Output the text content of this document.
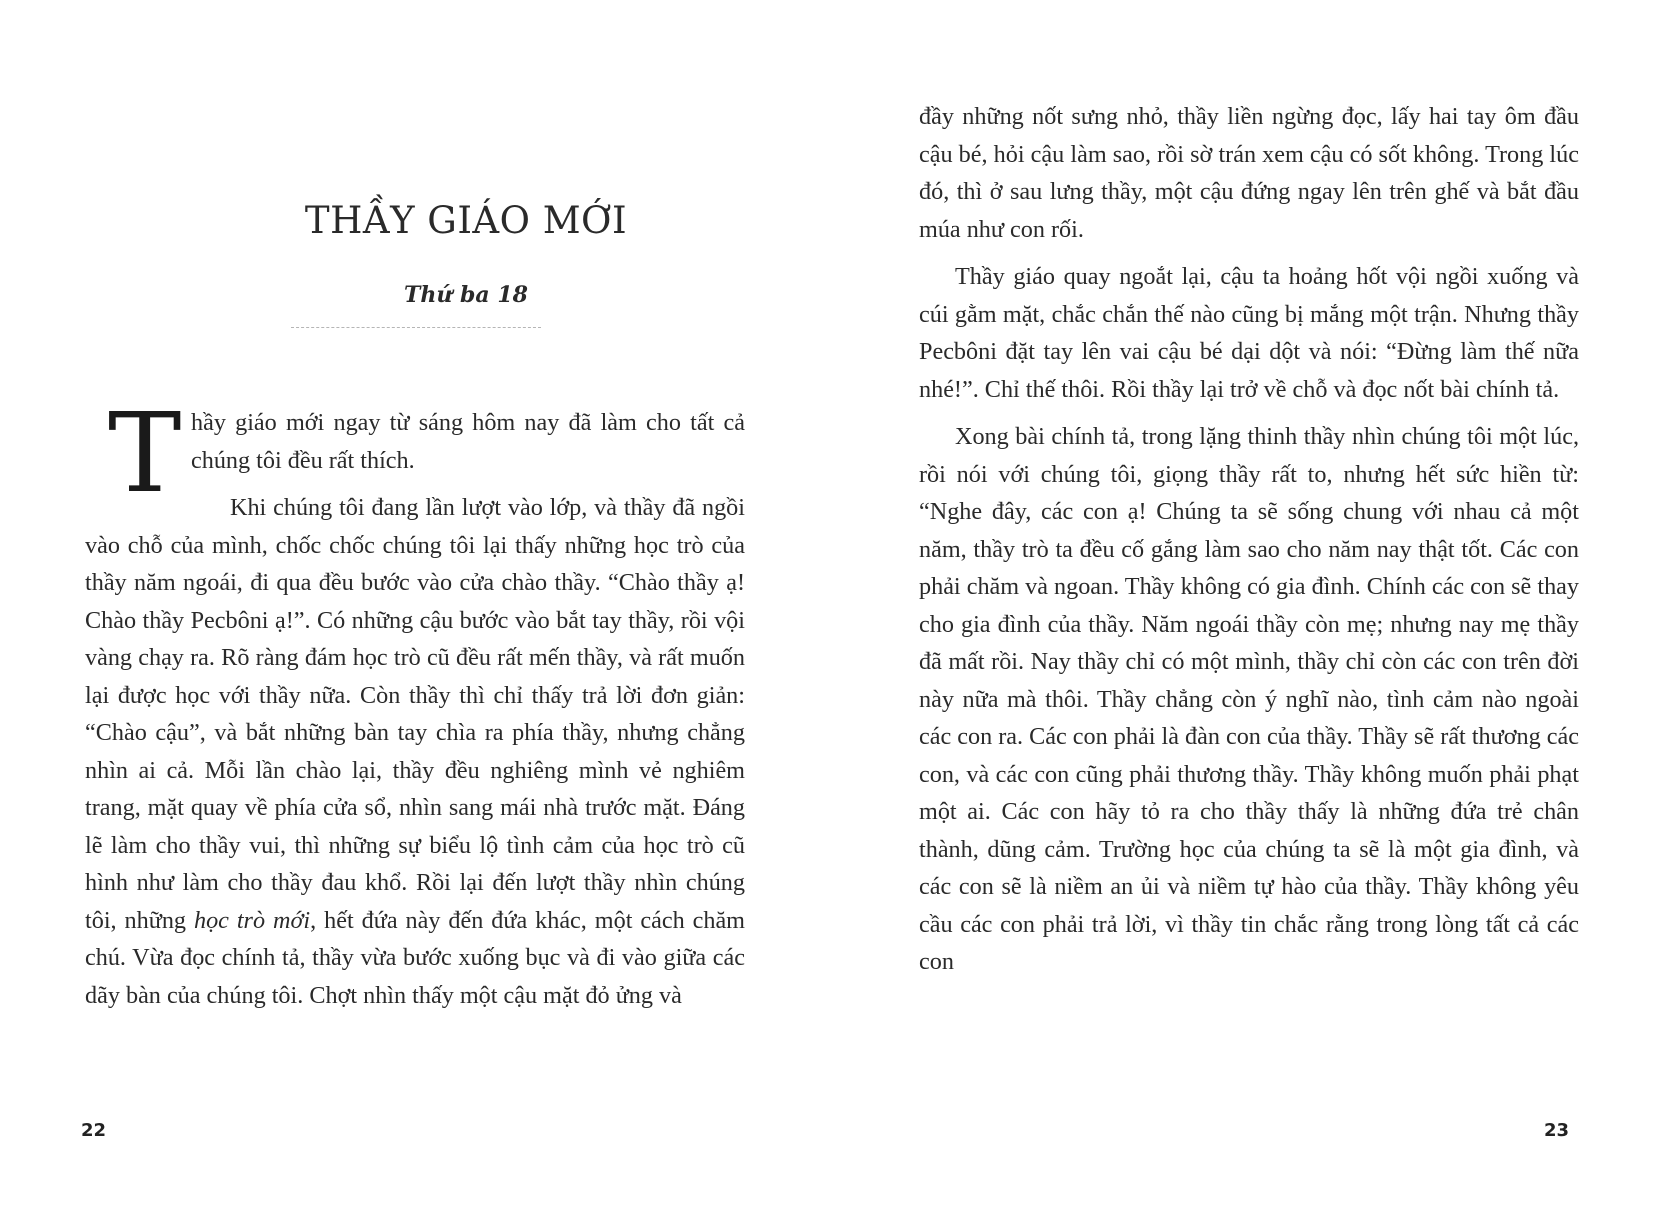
THẦY GIÁO MỚI
Thứ ba 18
T hầy giáo mới ngay từ sáng hôm nay đã làm cho tất cả chúng tôi đều rất thích.

Khi chúng tôi đang lần lượt vào lớp, và thầy đã ngồi vào chỗ của mình, chốc chốc chúng tôi lại thấy những học trò của thầy năm ngoái, đi qua đều bước vào cửa chào thầy. “Chào thầy ạ! Chào thầy Pecbôni ạ!”. Có những cậu bước vào bắt tay thầy, rồi vội vàng chạy ra. Rõ ràng đám học trò cũ đều rất mến thầy, và rất muốn lại được học với thầy nữa. Còn thầy thì chỉ thấy trả lời đơn giản: “Chào cậu”, và bắt những bàn tay chìa ra phía thầy, nhưng chẳng nhìn ai cả. Mỗi lần chào lại, thầy đều nghiêng mình vẻ nghiêm trang, mặt quay về phía cửa sổ, nhìn sang mái nhà trước mặt. Đáng lẽ làm cho thầy vui, thì những sự biểu lộ tình cảm của học trò cũ hình như làm cho thầy đau khổ. Rồi lại đến lượt thầy nhìn chúng tôi, những học trò mới, hết đứa này đến đứa khác, một cách chăm chú. Vừa đọc chính tả, thầy vừa bước xuống bục và đi vào giữa các dãy bàn của chúng tôi. Chợt nhìn thấy một cậu mặt đỏ ửng và

22

đầy những nốt sưng nhỏ, thầy liền ngừng đọc, lấy hai tay ôm đầu cậu bé, hỏi cậu làm sao, rồi sờ trán xem cậu có sốt không. Trong lúc đó, thì ở sau lưng thầy, một cậu đứng ngay lên trên ghế và bắt đầu múa như con rối.

Thầy giáo quay ngoắt lại, cậu ta hoảng hốt vội ngồi xuống và cúi gằm mặt, chắc chắn thế nào cũng bị mắng một trận. Nhưng thầy Pecbôni đặt tay lên vai cậu bé dại dột và nói: “Đừng làm thế nữa nhé!”. Chỉ thế thôi. Rồi thầy lại trở về chỗ và đọc nốt bài chính tả.

Xong bài chính tả, trong lặng thinh thầy nhìn chúng tôi một lúc, rồi nói với chúng tôi, giọng thầy rất to, nhưng hết sức hiền từ: “Nghe đây, các con ạ! Chúng ta sẽ sống chung với nhau cả một năm, thầy trò ta đều cố gắng làm sao cho năm nay thật tốt. Các con phải chăm và ngoan. Thầy không có gia đình. Chính các con sẽ thay cho gia đình của thầy. Năm ngoái thầy còn mẹ; nhưng nay mẹ thầy đã mất rồi. Nay thầy chỉ có một mình, thầy chỉ còn các con trên đời này nữa mà thôi. Thầy chẳng còn ý nghĩ nào, tình cảm nào ngoài các con ra. Các con phải là đàn con của thầy. Thầy sẽ rất thương các con, và các con cũng phải thương thầy. Thầy không muốn phải phạt một ai. Các con hãy tỏ ra cho thầy thấy là những đứa trẻ chân thành, dũng cảm. Trường học của chúng ta sẽ là một gia đình, và các con sẽ là niềm an ủi và niềm tự hào của thầy. Thầy không yêu cầu các con phải trả lời, vì thầy tin chắc rằng trong lòng tất cả các con

23
